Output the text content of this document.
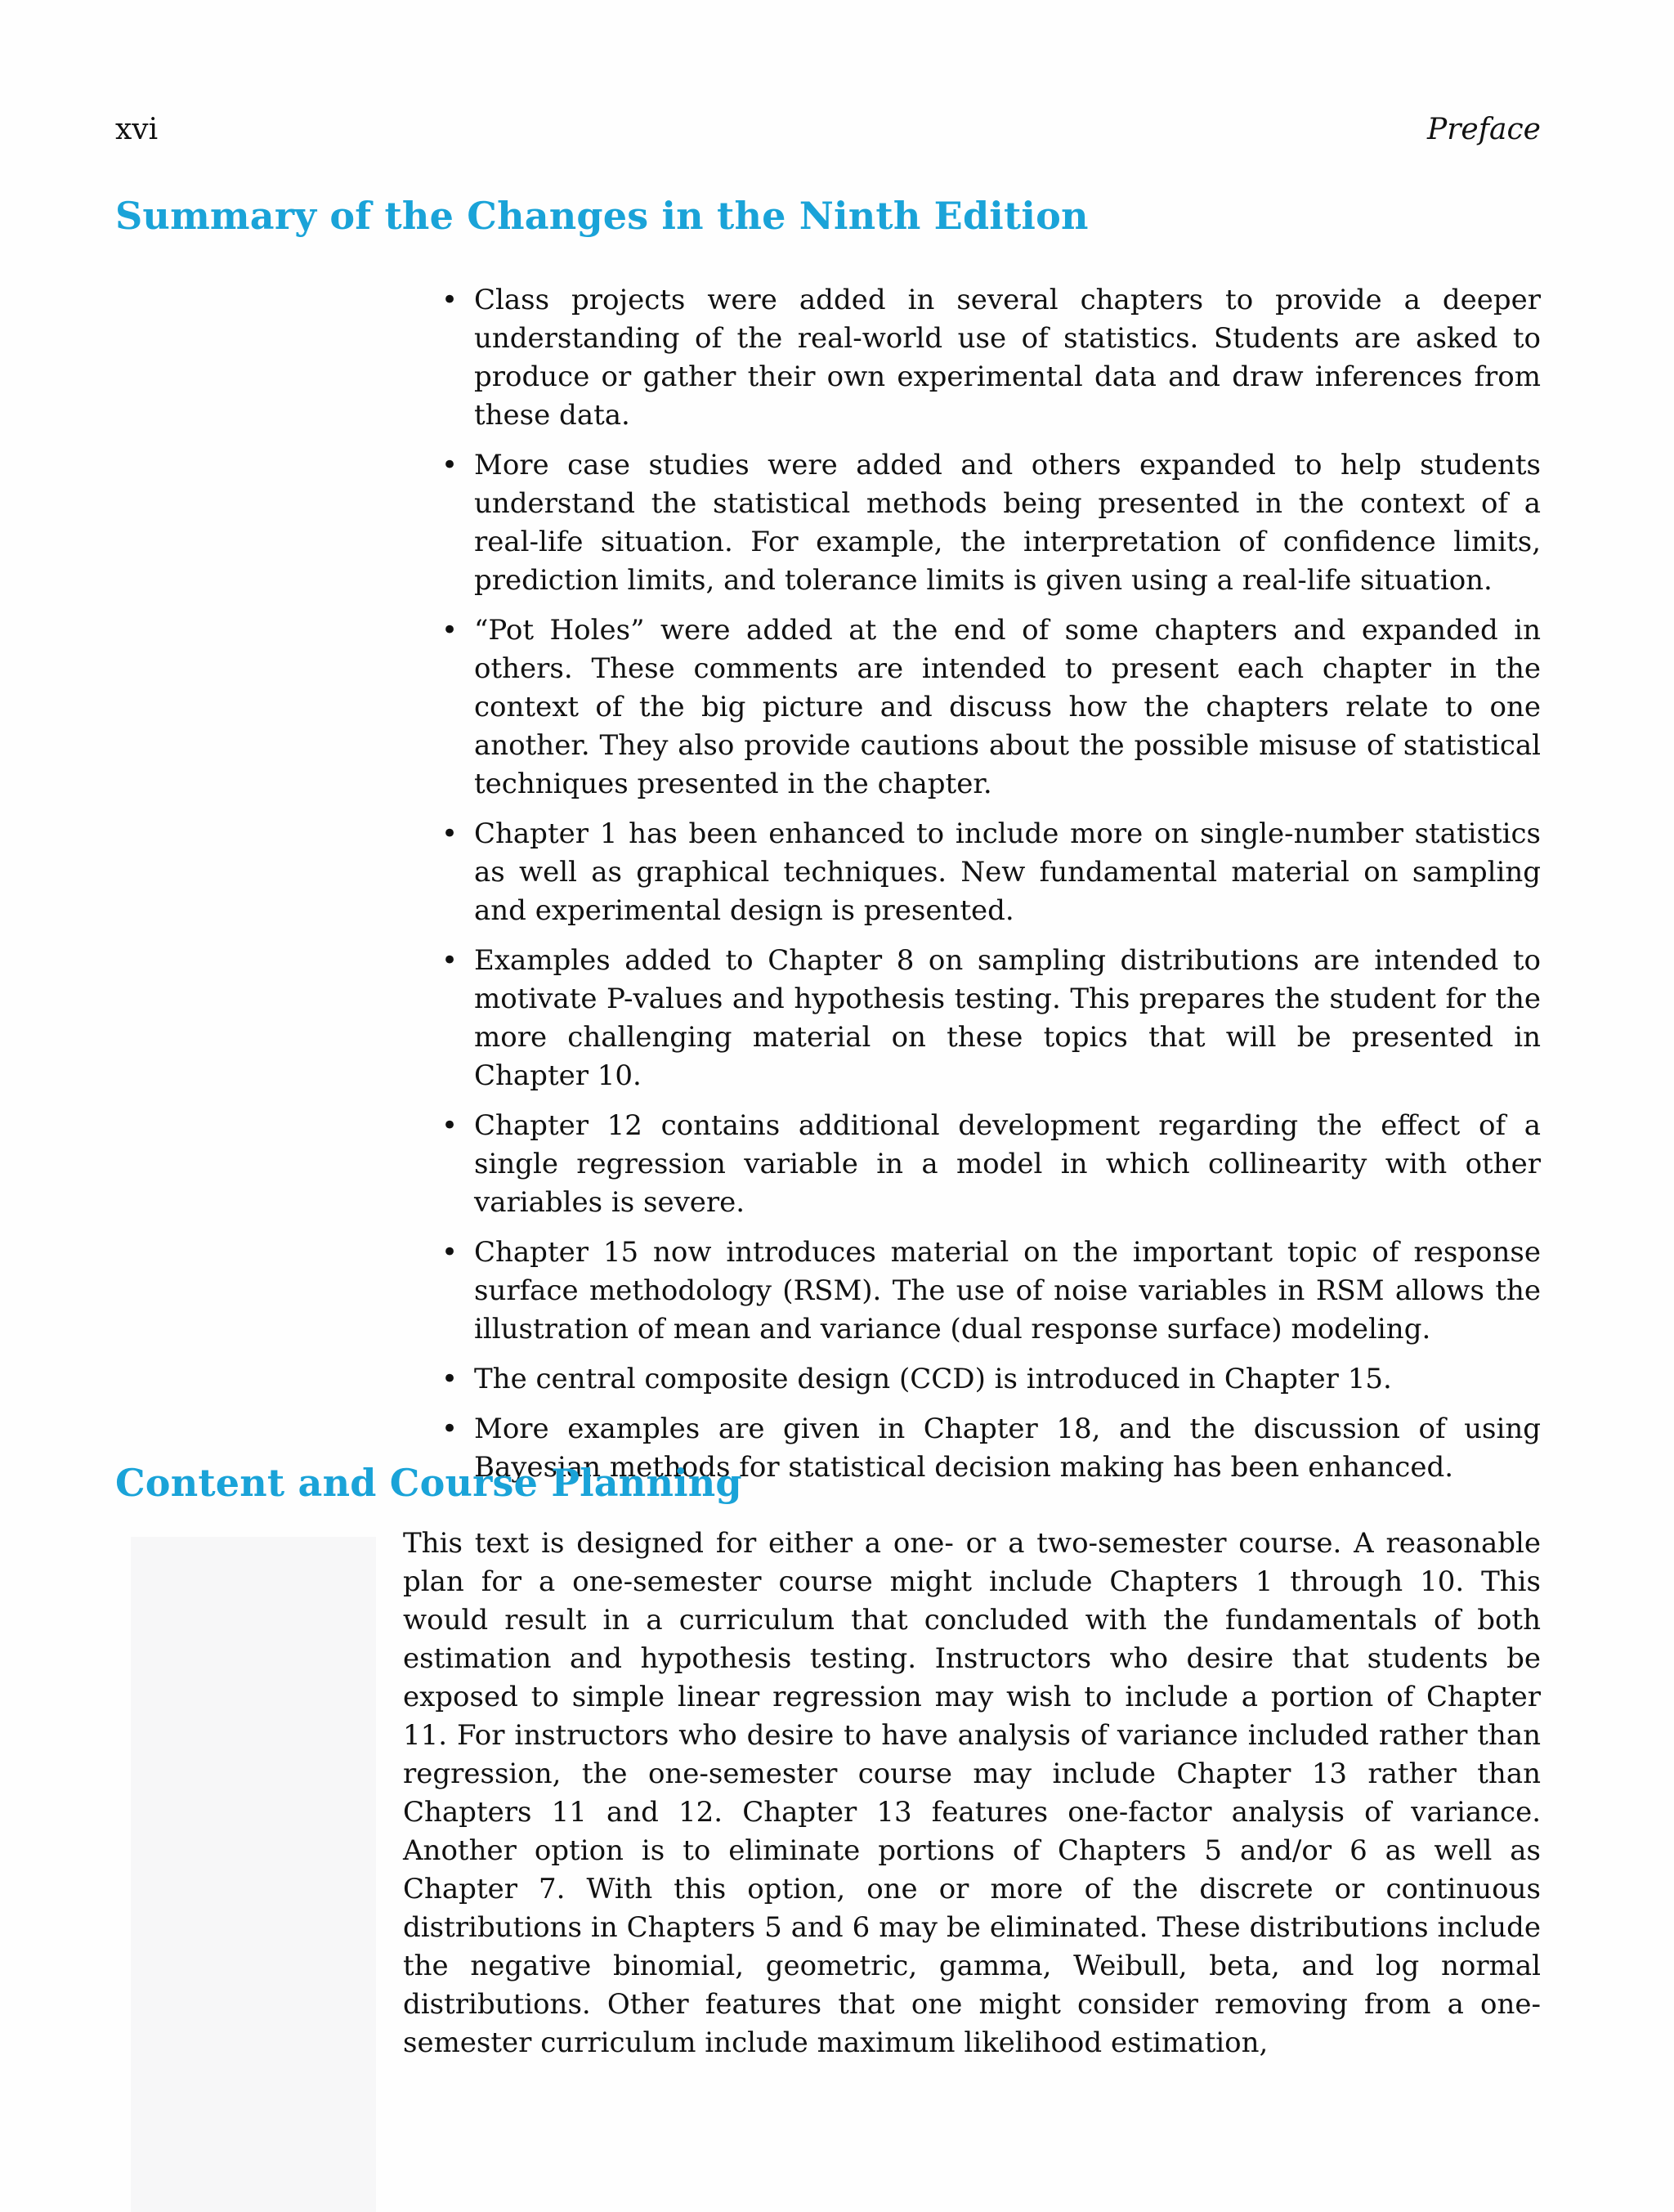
xvi	Preface
Summary of the Changes in the Ninth Edition
• Class projects were added in several chapters to provide a deeper understanding of the real-world use of statistics. Students are asked to produce or gather their own experimental data and draw inferences from these data.
• More case studies were added and others expanded to help students understand the statistical methods being presented in the context of a real-life situation. For example, the interpretation of confidence limits, prediction limits, and tolerance limits is given using a real-life situation.
• “Pot Holes” were added at the end of some chapters and expanded in others. These comments are intended to present each chapter in the context of the big picture and discuss how the chapters relate to one another. They also provide cautions about the possible misuse of statistical techniques presented in the chapter.
• Chapter 1 has been enhanced to include more on single-number statistics as well as graphical techniques. New fundamental material on sampling and experimental design is presented.
• Examples added to Chapter 8 on sampling distributions are intended to motivate P-values and hypothesis testing. This prepares the student for the more challenging material on these topics that will be presented in Chapter 10.
• Chapter 12 contains additional development regarding the effect of a single regression variable in a model in which collinearity with other variables is severe.
• Chapter 15 now introduces material on the important topic of response surface methodology (RSM). The use of noise variables in RSM allows the illustration of mean and variance (dual response surface) modeling.
• The central composite design (CCD) is introduced in Chapter 15.
• More examples are given in Chapter 18, and the discussion of using Bayesian methods for statistical decision making has been enhanced.
Content and Course Planning

This text is designed for either a one- or a two-semester course. A reasonable plan for a one-semester course might include Chapters 1 through 10. This would result in a curriculum that concluded with the fundamentals of both estimation and hypothesis testing. Instructors who desire that students be exposed to simple linear regression may wish to include a portion of Chapter 11. For instructors who desire to have analysis of variance included rather than regression, the one-semester course may include Chapter 13 rather than Chapters 11 and 12. Chapter 13 features one-factor analysis of variance. Another option is to eliminate portions of Chapters 5 and/or 6 as well as Chapter 7. With this option, one or more of the discrete or continuous distributions in Chapters 5 and 6 may be eliminated. These distributions include the negative binomial, geometric, gamma, Weibull, beta, and log normal distributions. Other features that one might consider removing from a one-semester curriculum include maximum likelihood estimation,
